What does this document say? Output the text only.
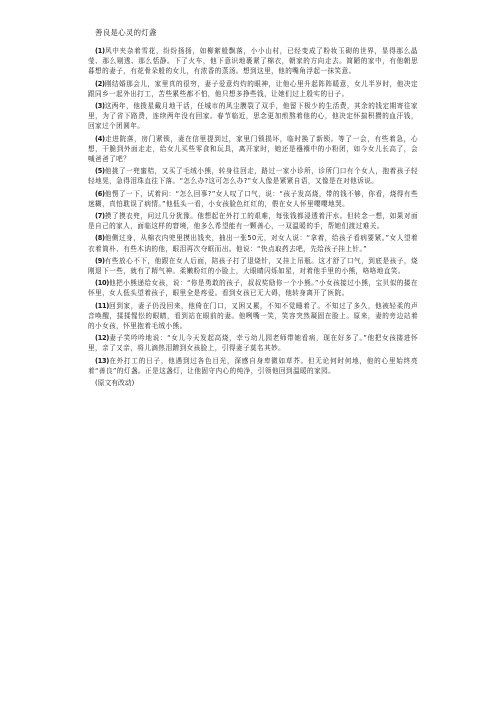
善良是心灵的灯盏
(1)风中夹杂着雪花，纷纷扬扬，如柳絮般飘落，小小山村，已经变成了粉妆玉砌的世界，显得那么晶莹、那么剔透、那么恬静。下了火车，他下意识地裹紧了棉衣，朝家的方向走去。简陋的家中，有他朝思暮想的妻子，有花骨朵般的女儿，有浓香的蒸汤。想到这里，他的嘴角浮起一抹笑意。
(2)刚结婚那会儿，家里真的很穷，妻子爱意灼灼的眼神，让他心里升起阵阵暖意，女儿半岁时，他决定跟同乡一起外出打工，苦些累些都不怕，他只想多挣些钱，让她们过上殷实的日子。
(3)这两年，他拨星戴月地干活，任城市的风尘膜裂了双手，他留下极少的生活费，其余的钱定期寄往家里，为了省下路费，连续两年没有回家。春节临近，思念更加煎熬着他的心，他决定怀揣积攒的血汗钱，回家过个团圆年。
(4)走进院落，房门紧锁，妻在信里提到过，家里门锁损坏，临时换了新锁。等了一会，有些着急，心想，干脆到外面走走，给女儿买些零食和玩具，离开家时，她还是襁褓中的小粉团，如今女儿长高了，会喊爸爸了吧？
(5)他挑了一兜蜜桔，又买了毛绒小熊，转身往回走，路过一家小诊所，诊所门口有个女人，抱着孩子轻轻地晃，急得泪珠直往下落。“怎么办?这可怎么办?”女人像是紧紧自语，又像是在对他诉说。
(6)他愣了一下，试着问：“怎么回事?”女人叹了口气，说：“孩子发高烧，带的钱不够，你看，烧得有些迷糊，真怕耽误了病情。”他低头一看，小女孩脸色红红的，偎在女人怀里嘤嘤地哭。
(7)摸了摸衣兜，问过几分犹豫。他想起在外打工的艰难，每张钱都浸透着汗水。但转念一想，如果对面是自己的家人，面临这样的窘境，他多么希望能有一颗善心，一双温暖的手，帮她们渡过难关。
(8)他侧过身，从棉衣内兜里摸出钱夹，抽出一张50元，对女人说：“拿着，给孩子看病要紧。”女人望着衣着简朴、有些木讷的他，眼泪再次夺眶而出。他说：“快点取药去吧，先给孩子挂上针。”
(9)有些放心不下，他跟在女人后面，陪孩子打了退烧针，又挂上吊瓶。这才舒了口气，到底是孩子，烧刚退下一些，就有了精气神。柔嫩粉红的小脸上，大眼睛闪烁如星，对着他手里的小熊，咯咯地直笑。
(10)他把小熊递给女孩，说：“你是勇敢的孩子，叔叔奖励你一个小熊。”小女孩接过小熊，宝贝似的搂在怀里，女人低头望着孩子，眼里全是疼爱。看到女孩已无大碍，他转身离开了医院。
(11)回到家，妻子仍没回来，他倚在门口，又困又累，不知不觉睡着了。不知过了多久，他被轻柔的声音唤醒，揉揉惺忪的眼睛，看到站在眼前的妻。他咧嘴一笑，笑容突然凝固在脸上。原来，妻的旁边站着的小女孩，怀里抱着毛绒小熊。
(12)妻子笑吟吟地说：“女儿今天发起高烧，幸亏幼儿园老师带她看病，现在好多了。”他把女孩搂进怀里，亲了又亲，将儿滴热泪蹭到女孩脸上，引得妻子莫名其妙。
(13)在外打工的日子，他遇到过各色目光，深感自身卑微如草芥。但无论何时何地，他的心里始终亮着“善良”的灯盏。正是这盏灯，让他固守内心的纯净，引领他回到温暖的家园。
(原文有改动)
